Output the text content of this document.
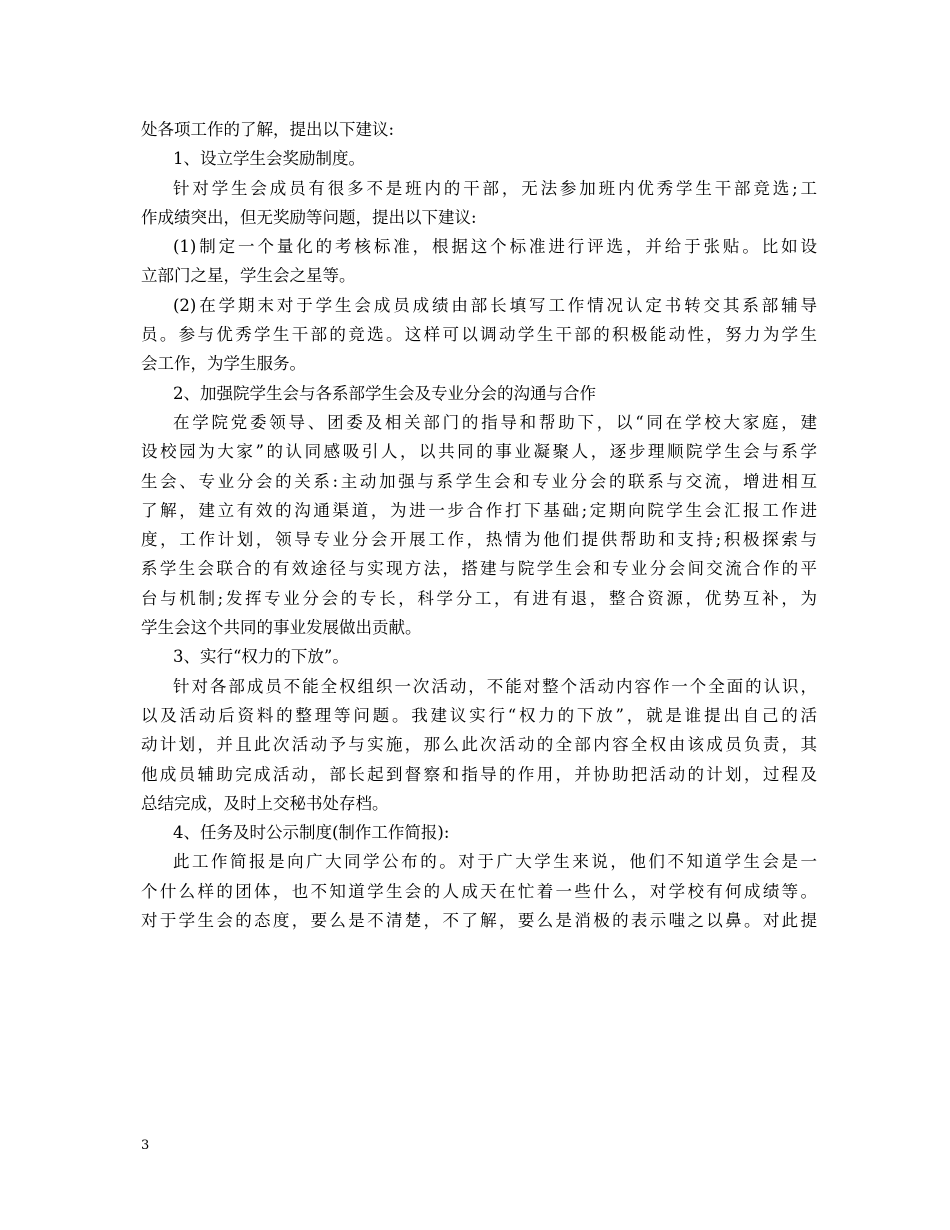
处各项工作的了解，提出以下建议:
1、设立学生会奖励制度。
针对学生会成员有很多不是班内的干部，无法参加班内优秀学生干部竞选;工
作成绩突出，但无奖励等问题，提出以下建议:
(1)制定一个量化的考核标准，根据这个标准进行评选，并给于张贴。比如设
立部门之星，学生会之星等。
(2)在学期末对于学生会成员成绩由部长填写工作情况认定书转交其系部辅导
员。参与优秀学生干部的竞选。这样可以调动学生干部的积极能动性，努力为学生
会工作，为学生服务。
2、加强院学生会与各系部学生会及专业分会的沟通与合作
在学院党委领导、团委及相关部门的指导和帮助下，以“同在学校大家庭，建
设校园为大家”的认同感吸引人，以共同的事业凝聚人，逐步理顺院学生会与系学
生会、专业分会的关系:主动加强与系学生会和专业分会的联系与交流，增进相互
了解，建立有效的沟通渠道，为进一步合作打下基础;定期向院学生会汇报工作进
度，工作计划，领导专业分会开展工作，热情为他们提供帮助和支持;积极探索与
系学生会联合的有效途径与实现方法，搭建与院学生会和专业分会间交流合作的平
台与机制;发挥专业分会的专长，科学分工，有进有退，整合资源，优势互补，为
学生会这个共同的事业发展做出贡献。
3、实行“权力的下放”。
针对各部成员不能全权组织一次活动，不能对整个活动内容作一个全面的认识，
以及活动后资料的整理等问题。我建议实行“权力的下放”，就是谁提出自己的活
动计划，并且此次活动予与实施，那么此次活动的全部内容全权由该成员负责，其
他成员辅助完成活动，部长起到督察和指导的作用，并协助把活动的计划，过程及
总结完成，及时上交秘书处存档。
4、任务及时公示制度(制作工作简报):
此工作简报是向广大同学公布的。对于广大学生来说，他们不知道学生会是一
个什么样的团体，也不知道学生会的人成天在忙着一些什么，对学校有何成绩等。
对于学生会的态度，要么是不清楚，不了解，要么是消极的表示嗤之以鼻。对此提
3
